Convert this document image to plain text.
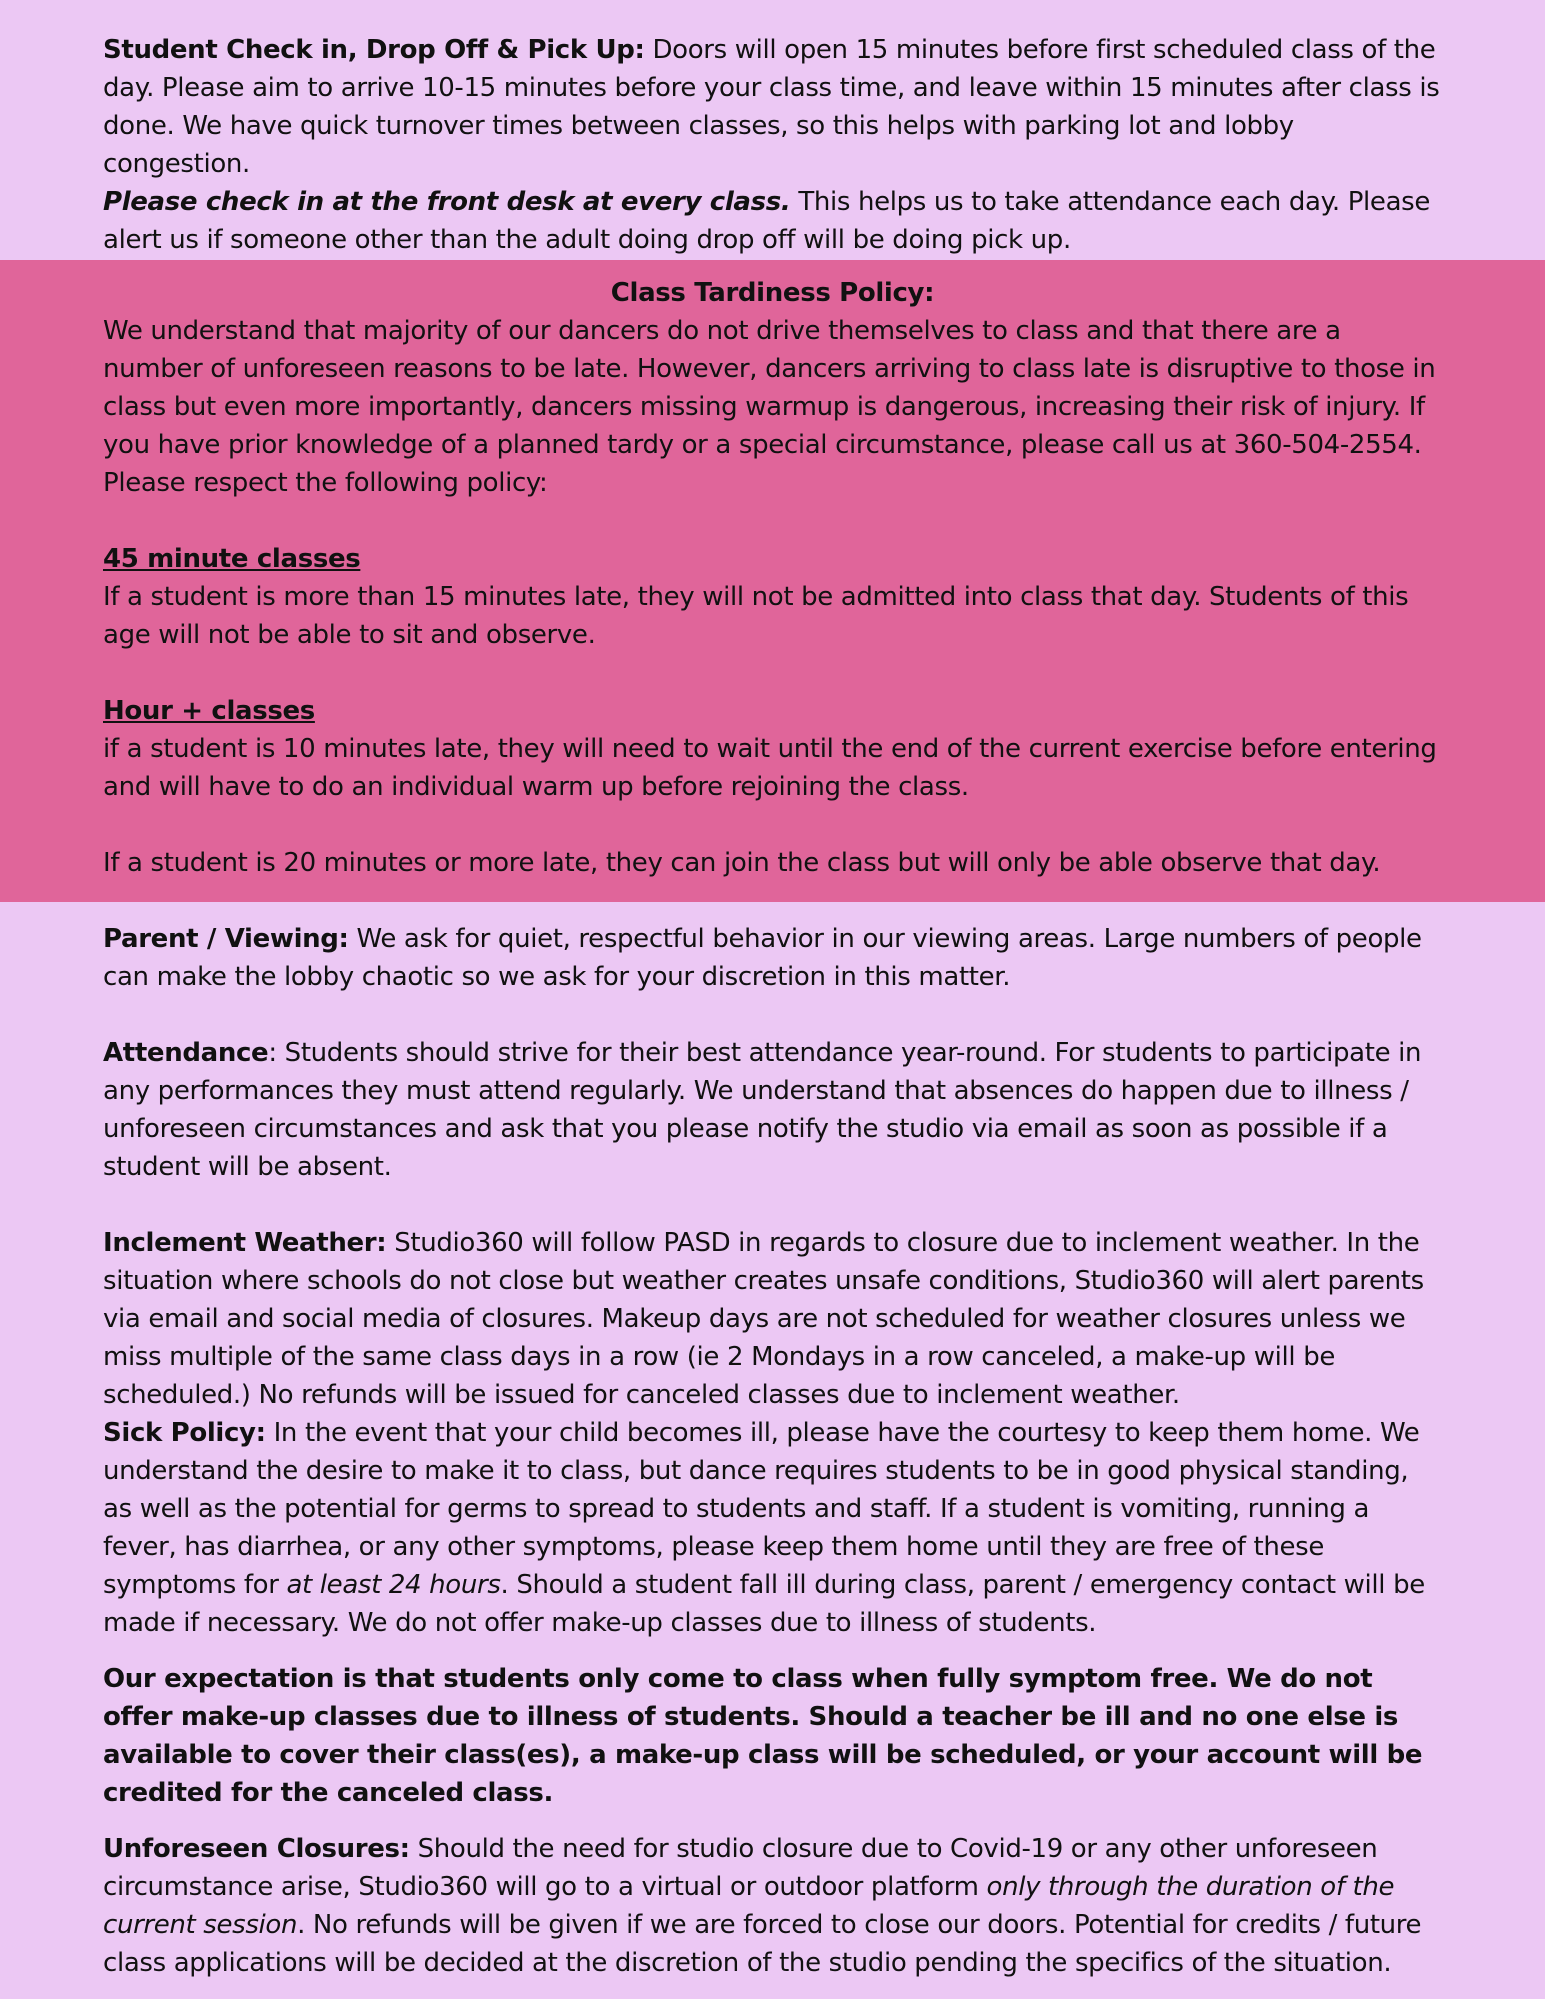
Student Check in, Drop Off & Pick Up: Doors will open 15 minutes before first scheduled class of the day. Please aim to arrive 10-15 minutes before your class time, and leave within 15 minutes after class is done. We have quick turnover times between classes, so this helps with parking lot and lobby congestion.

Please check in at the front desk at every class. This helps us to take attendance each day. Please alert us if someone other than the adult doing drop off will be doing pick up.

Class Tardiness Policy:

We understand that majority of our dancers do not drive themselves to class and that there are a number of unforeseen reasons to be late. However, dancers arriving to class late is disruptive to those in class but even more importantly, dancers missing warmup is dangerous, increasing their risk of injury. If you have prior knowledge of a planned tardy or a special circumstance, please call us at 360-504-2554. Please respect the following policy:

45 minute classes

If a student is more than 15 minutes late, they will not be admitted into class that day. Students of this age will not be able to sit and observe.

Hour + classes

if a student is 10 minutes late, they will need to wait until the end of the current exercise before entering and will have to do an individual warm up before rejoining the class.

If a student is 20 minutes or more late, they can join the class but will only be able observe that day.

Parent / Viewing: We ask for quiet, respectful behavior in our viewing areas. Large numbers of people can make the lobby chaotic so we ask for your discretion in this matter.

Attendance: Students should strive for their best attendance year-round. For students to participate in any performances they must attend regularly. We understand that absences do happen due to illness / unforeseen circumstances and ask that you please notify the studio via email as soon as possible if a student will be absent.

Inclement Weather: Studio360 will follow PASD in regards to closure due to inclement weather. In the situation where schools do not close but weather creates unsafe conditions, Studio360 will alert parents via email and social media of closures. Makeup days are not scheduled for weather closures unless we miss multiple of the same class days in a row (ie 2 Mondays in a row canceled, a make-up will be scheduled.) No refunds will be issued for canceled classes due to inclement weather.

Sick Policy: In the event that your child becomes ill, please have the courtesy to keep them home. We understand the desire to make it to class, but dance requires students to be in good physical standing, as well as the potential for germs to spread to students and staff. If a student is vomiting, running a fever, has diarrhea, or any other symptoms, please keep them home until they are free of these symptoms for at least 24 hours. Should a student fall ill during class, parent / emergency contact will be made if necessary. We do not offer make-up classes due to illness of students.

Our expectation is that students only come to class when fully symptom free. We do not offer make-up classes due to illness of students. Should a teacher be ill and no one else is available to cover their class(es), a make-up class will be scheduled, or your account will be credited for the canceled class.

Unforeseen Closures: Should the need for studio closure due to Covid-19 or any other unforeseen circumstance arise, Studio360 will go to a virtual or outdoor platform only through the duration of the current session. No refunds will be given if we are forced to close our doors. Potential for credits / future class applications will be decided at the discretion of the studio pending the specifics of the situation.
